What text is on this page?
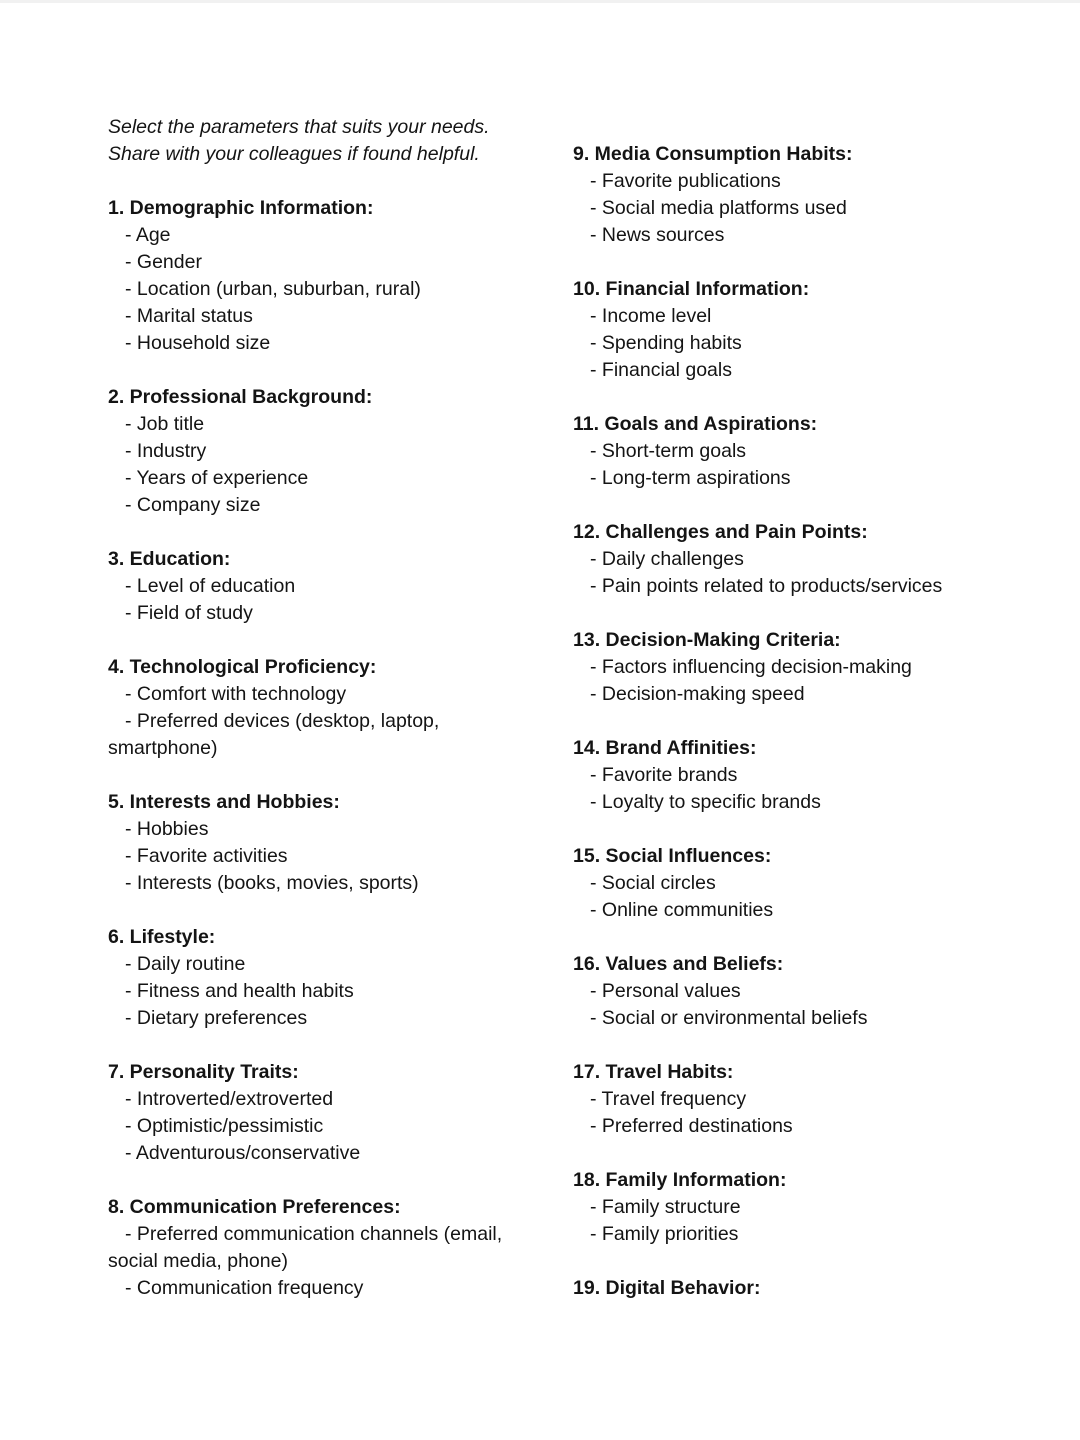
Select the parameters that suits your needs.
Share with your colleagues if found helpful.
1. Demographic Information:
- Age
- Gender
- Location (urban, suburban, rural)
- Marital status
- Household size
2. Professional Background:
- Job title
- Industry
- Years of experience
- Company size
3. Education:
- Level of education
- Field of study
4. Technological Proficiency:
- Comfort with technology
- Preferred devices (desktop, laptop, smartphone)
5. Interests and Hobbies:
- Hobbies
- Favorite activities
- Interests (books, movies, sports)
6. Lifestyle:
- Daily routine
- Fitness and health habits
- Dietary preferences
7. Personality Traits:
- Introverted/extroverted
- Optimistic/pessimistic
- Adventurous/conservative
8. Communication Preferences:
- Preferred communication channels (email, social media, phone)
- Communication frequency
9. Media Consumption Habits:
- Favorite publications
- Social media platforms used
- News sources
10. Financial Information:
- Income level
- Spending habits
- Financial goals
11. Goals and Aspirations:
- Short-term goals
- Long-term aspirations
12. Challenges and Pain Points:
- Daily challenges
- Pain points related to products/services
13. Decision-Making Criteria:
- Factors influencing decision-making
- Decision-making speed
14. Brand Affinities:
- Favorite brands
- Loyalty to specific brands
15. Social Influences:
- Social circles
- Online communities
16. Values and Beliefs:
- Personal values
- Social or environmental beliefs
17. Travel Habits:
- Travel frequency
- Preferred destinations
18. Family Information:
- Family structure
- Family priorities
19. Digital Behavior:
